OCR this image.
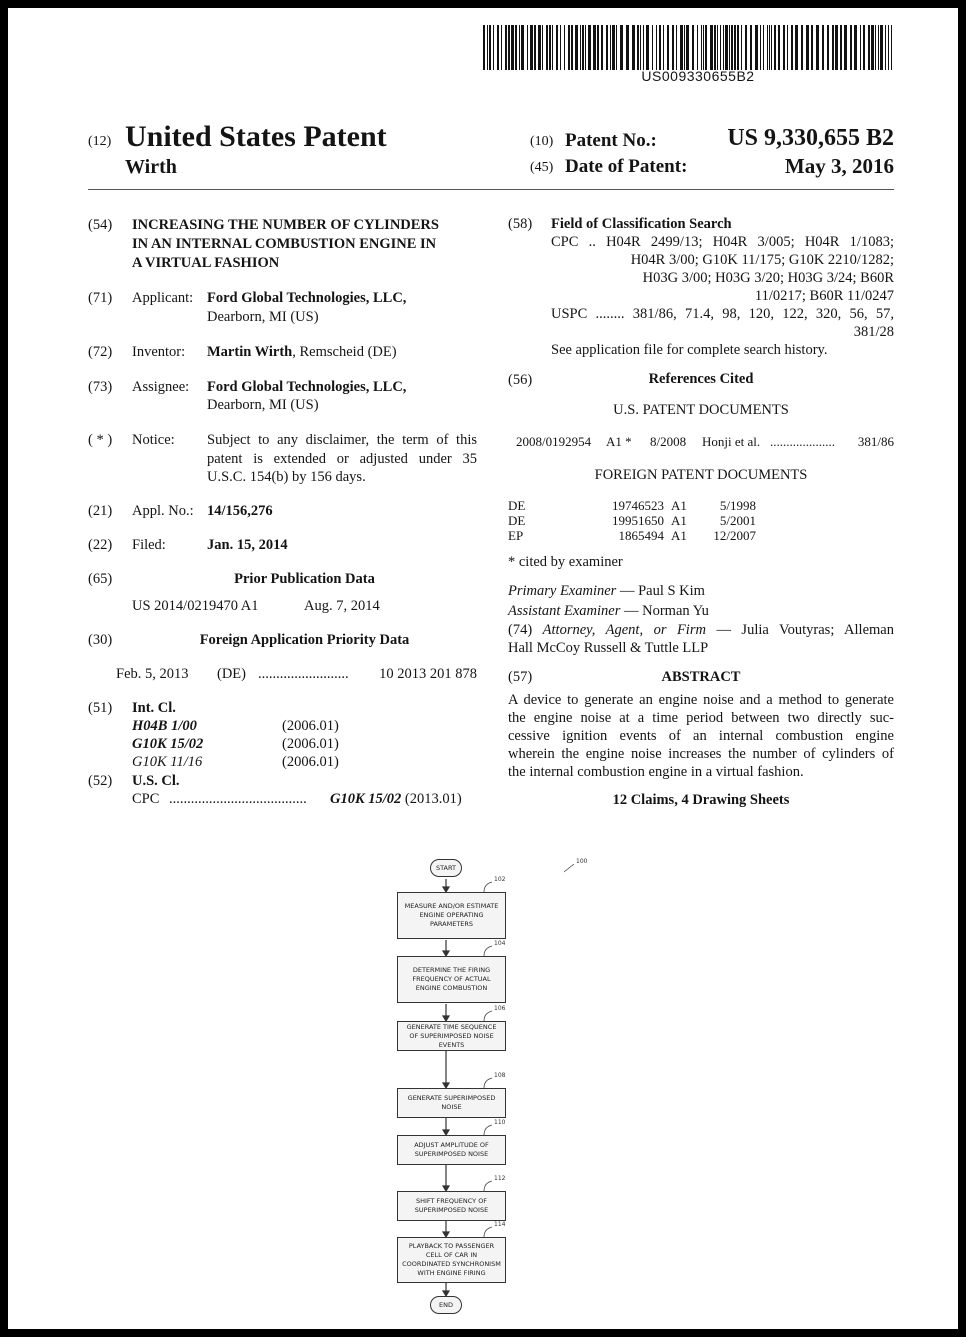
US009330655B2
(12) United States Patent
Wirth
(10) Patent No.:	US 9,330,655 B2
(45) Date of Patent:	May 3, 2016
(54) INCREASING THE NUMBER OF CYLINDERS
IN AN INTERNAL COMBUSTION ENGINE IN
A VIRTUAL FASHION
(71) Applicant: Ford Global Technologies, LLC,
Dearborn, MI (US)
(72) Inventor: Martin Wirth, Remscheid (DE)
(73) Assignee: Ford Global Technologies, LLC,
Dearborn, MI (US)
( * ) Notice: Subject to any disclaimer, the term of this
patent is extended or adjusted under 35
U.S.C. 154(b) by 156 days.
(21) Appl. No.: 14/156,276
(22) Filed:	Jan. 15, 2014
(65)	Prior Publication Data
US 2014/0219470 A1	Aug. 7, 2014
(30)	Foreign Application Priority Data
Feb. 5, 2013 (DE) .........................	10 2013 201 878
(51) Int. Cl.
H04B 1/00	(2006.01)
G10K 15/02	(2006.01)
G10K 11/16	(2006.01)
(52) U.S. Cl.
CPC ...................................... G10K 15/02 (2013.01)
(58) Field of Classification Search
CPC .. H04R 2499/13; H04R 3/005; H04R 1/1083;
H04R 3/00; G10K 11/175; G10K 2210/1282;
H03G 3/00; H03G 3/20; H03G 3/24; B60R
11/0217; B60R 11/0247
USPC ........ 381/86, 71.4, 98, 120, 122, 320, 56, 57,
381/28
See application file for complete search history.
(56)	References Cited
U.S. PATENT DOCUMENTS
2008/0192954 A1 * 8/2008 Honji et al. ....................	381/86
FOREIGN PATENT DOCUMENTS
DE	19746523 A1	5/1998
DE	19951650 A1	5/2001
EP	1865494 A1	12/2007
* cited by examiner
Primary Examiner — Paul S Kim
Assistant Examiner — Norman Yu
(74) Attorney, Agent, or Firm — Julia Voutyras; Alleman
Hall McCoy Russell & Tuttle LLP
(57)	ABSTRACT
A device to generate an engine noise and a method to generate
the engine noise at a time period between two directly suc-
cessive ignition events of an internal combustion engine
wherein the engine noise increases the number of cylinders of
the internal combustion engine in a virtual fashion.
12 Claims, 4 Drawing Sheets
START
102
MEASURE AND/OR ESTIMATE ENGINE OPERATING PARAMETERS
104
DETERMINE THE FIRING FREQUENCY OF ACTUAL ENGINE COMBUSTION
106
GENERATE TIME SEQUENCE OF SUPERIMPOSED NOISE EVENTS
108
GENERATE SUPERIMPOSED NOISE
110
ADJUST AMPLITUDE OF SUPERIMPOSED NOISE
112
SHIFT FREQUENCY OF SUPERIMPOSED NOISE
114
PLAYBACK TO PASSENGER CELL OF CAR IN COORDINATED SYNCHRONISM WITH ENGINE FIRING
END
100
